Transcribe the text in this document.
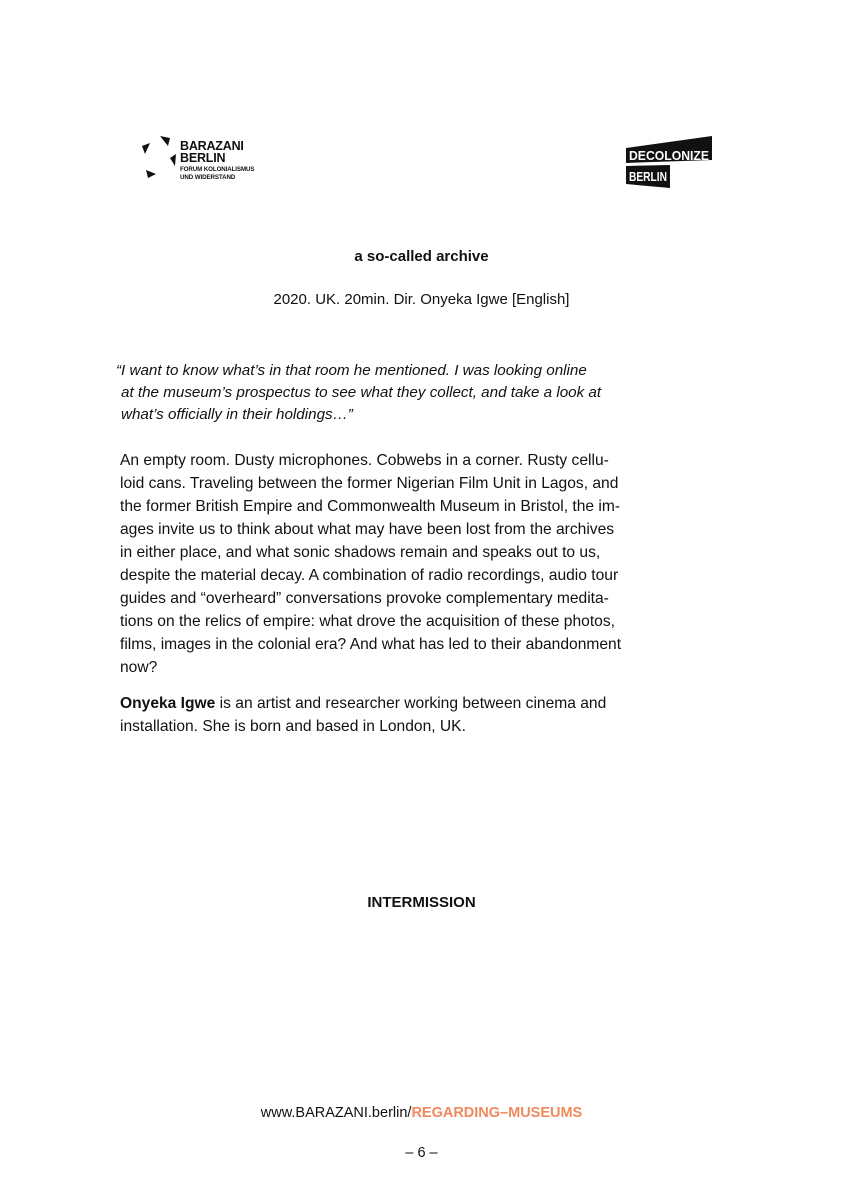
BARAZANI
BERLIN
FORUM KOLONIALISMUS
UND WIDERSTAND
DECOLONIZE
BERLIN
a so-called archive
2020. UK. 20min. Dir. Onyeka Igwe [English]
“I want to know what’s in that room he mentioned. I was looking online
at the museum’s prospectus to see what they collect, and take a look at
what’s officially in their holdings…”
An empty room. Dusty microphones. Cobwebs in a corner. Rusty cellu-
loid cans. Traveling between the former Nigerian Film Unit in Lagos, and
the former British Empire and Commonwealth Museum in Bristol, the im-
ages invite us to think about what may have been lost from the archives
in either place, and what sonic shadows remain and speaks out to us,
despite the material decay. A combination of radio recordings, audio tour
guides and “overheard” conversations provoke complementary medita-
tions on the relics of empire: what drove the acquisition of these photos,
films, images in the colonial era? And what has led to their abandonment
now?
Onyeka Igwe is an artist and researcher working between cinema and
installation. She is born and based in London, UK.
INTERMISSION
www.BARAZANI.berlin/REGARDING–MUSEUMS
– 6 –
